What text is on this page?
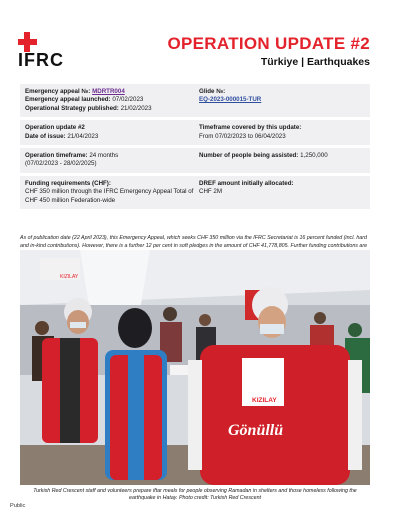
IFRC
OPERATION UPDATE #2
Türkiye | Earthquakes
Emergency appeal №: MDRTR004
Emergency appeal launched: 07/02/2023
Operational Strategy published: 21/02/2023
Glide №:
EQ-2023-000015-TUR
Operation update #2
Date of issue: 21/04/2023
Timeframe covered by this update:
From 07/02/2023 to 06/04/2023
Operation timeframe: 24 months
(07/02/2023 - 28/02/2025)
Number of people being assisted: 1,250,000
Funding requirements (CHF):
CHF 350 million through the IFRC Emergency Appeal Total of CHF 450 million Federation-wide
DREF amount initially allocated:
CHF 2M
As of publication date (22 April 2023), this Emergency Appeal, which seeks CHF 350 million via the IFRC Secretariat is 16 percent funded (incl. hard and in-kind contributions). However, there is a further 12 per cent in soft pledges in the amount of CHF 41,778,805. Further funding contributions are
KIZILAY
KIZILAY
Gönüllü
Turkish Red Crescent staff and volunteers prepare iftar meals for people observing Ramadan in shelters and those homeless following the earthquake in Hatay. Photo credit: Turkish Red Crescent
Public
